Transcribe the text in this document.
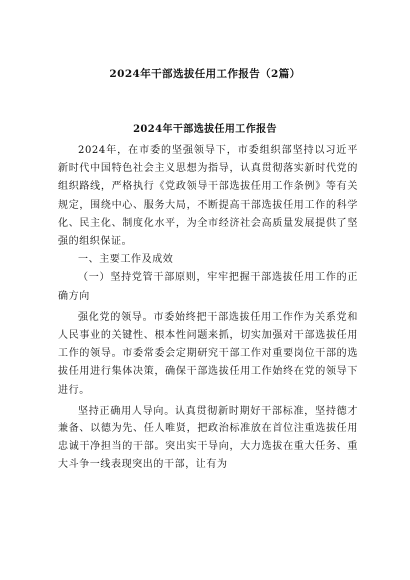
2024年干部选拔任用工作报告（2篇）
2024年干部选拔任用工作报告

2024年，在市委的坚强领导下，市委组织部坚持以习近平新时代中国特色社会主义思想为指导，认真贯彻落实新时代党的组织路线，严格执行《党政领导干部选拔任用工作条例》等有关规定，围绕中心、服务大局，不断提高干部选拔任用工作的科学化、民主化、制度化水平，为全市经济社会高质量发展提供了坚强的组织保证。

一、主要工作及成效

（一）坚持党管干部原则，牢牢把握干部选拔任用工作的正确方向

强化党的领导。市委始终把干部选拔任用工作作为关系党和人民事业的关键性、根本性问题来抓，切实加强对干部选拔任用工作的领导。市委常委会定期研究干部工作对重要岗位干部的选拔任用进行集体决策，确保干部选拔任用工作始终在党的领导下进行。

坚持正确用人导向。认真贯彻新时期好干部标准，坚持德才兼备、以德为先、任人唯贤，把政治标准放在首位注重选拔任用忠诚干净担当的干部。突出实干导向，大力选拔在重大任务、重大斗争一线表现突出的干部，让有为
